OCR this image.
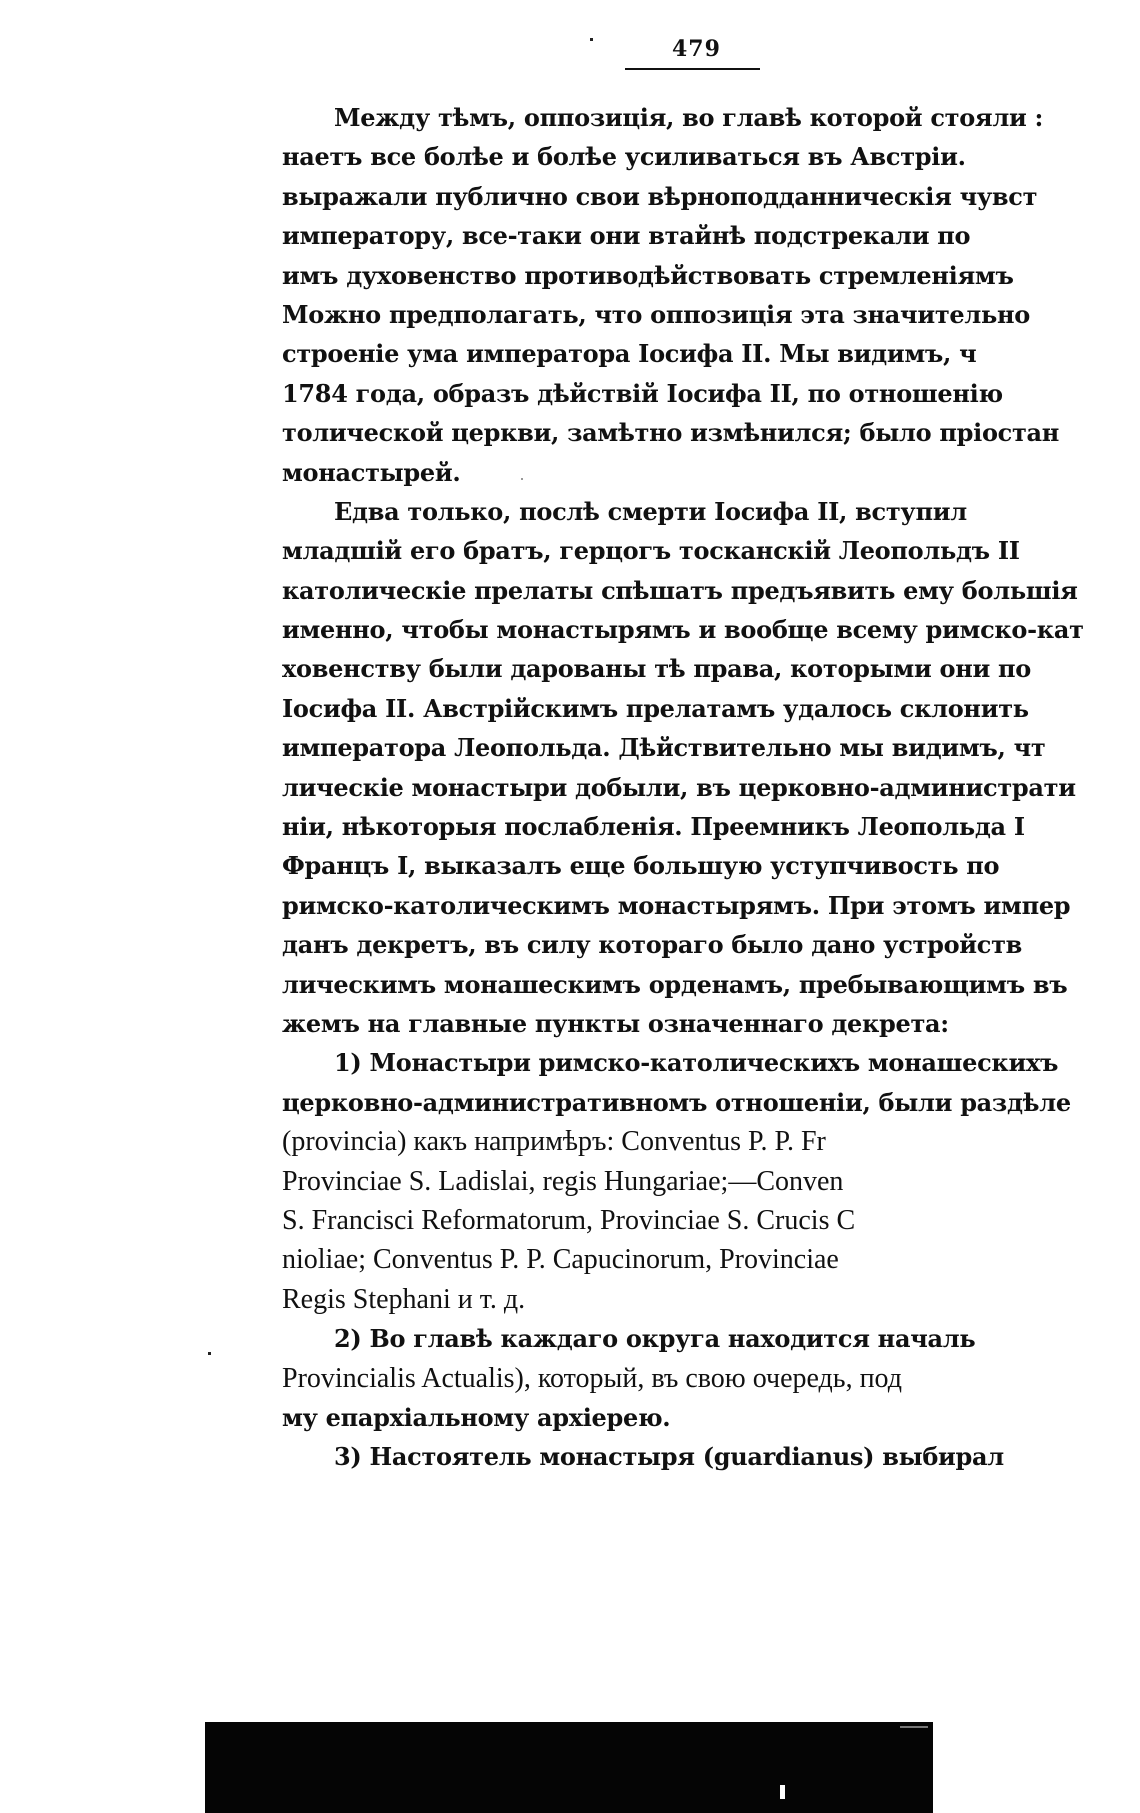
479
Между тѣмъ, оппозиція, во главѣ которой стояли :
наетъ все болѣе и болѣе усиливаться въ Австріи.
выражали публично свои вѣрноподданническія чувст
императору, все-таки они втайнѣ подстрекали по
имъ духовенство противодѣйствовать стремленіямъ
Можно предполагать, что оппозиція эта значительно
строеніе ума императора Іосифа II. Мы видимъ, ч
1784 года, образъ дѣйствій Іосифа II, по отношенію
толической церкви, замѣтно измѣнился; было пріостан
монастырей.
Едва только, послѣ смерти Іосифа II, вступил
младшій его братъ, герцогъ тосканскій Леопольдъ II
католическіе прелаты спѣшатъ предъявить ему большія
именно, чтобы монастырямъ и вообще всему римско-кат
ховенству были дарованы тѣ права, которыми они по
Іосифа II. Австрійскимъ прелатамъ удалось склонить
императора Леопольда. Дѣйствительно мы видимъ, чт
лическіе монастыри добыли, въ церковно-администрати
ніи, нѣкоторыя послабленія. Преемникъ Леопольда I
Францъ I, выказалъ еще большую уступчивость по
римско-католическимъ монастырямъ. При этомъ импер
данъ декретъ, въ силу котораго было дано устройств
лическимъ монашескимъ орденамъ, пребывающимъ въ
жемъ на главные пункты означеннаго декрета:
1) Монастыри римско-католическихъ монашескихъ
церковно-административномъ отношеніи, были раздѣле
(provincia) какъ напримѣръ: Conventus P. P. Fr
Provinciae S. Ladislai, regis Hungariae;—Conven
S. Francisci Reformatorum, Provinciae S. Crucis C
nioliae; Conventus P. P. Capucinorum, Provinciae
Regis Stephani и т. д.
2) Во главѣ каждаго округа находится началь
Provincialis Actualis), который, въ свою очередь, под
му епархіальному архіерею.
3) Настоятель монастыря (guardianus) выбирал
